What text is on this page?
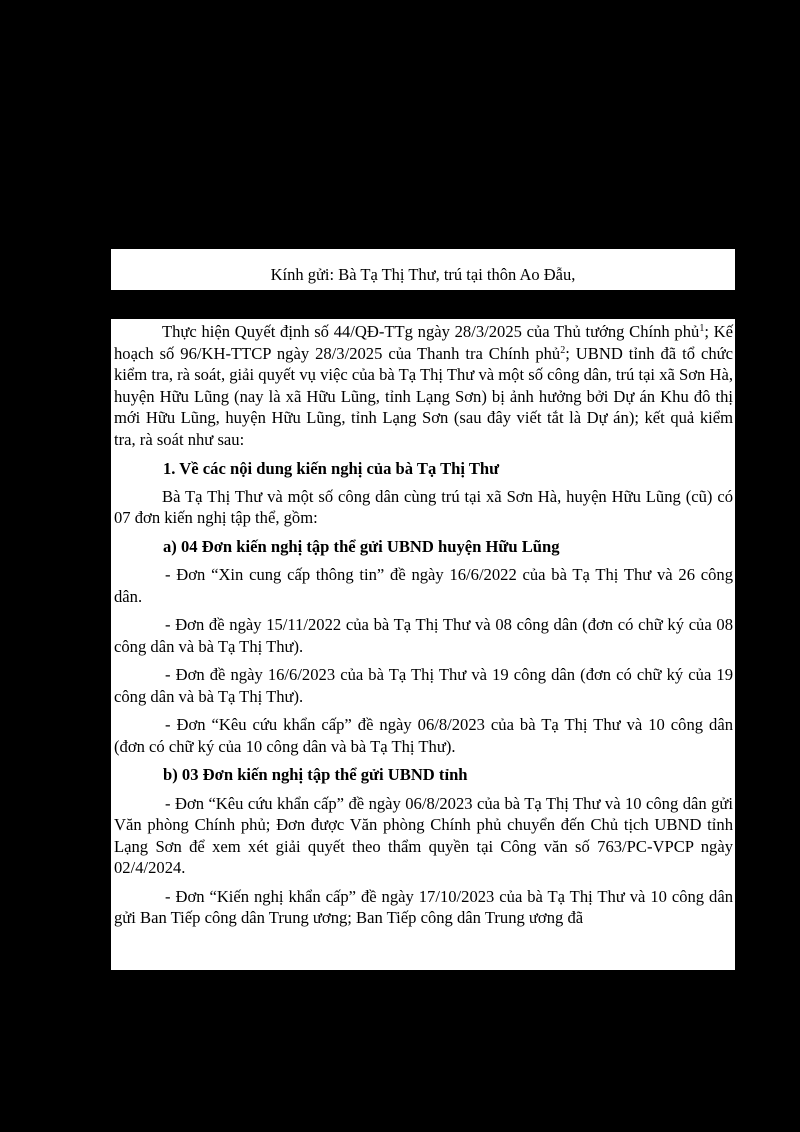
Kính gửi: Bà Tạ Thị Thư, trú tại thôn Ao Đẫu,

Thực hiện Quyết định số 44/QĐ-TTg ngày 28/3/2025 của Thủ tướng Chính phủ$^1$; Kế hoạch số 96/KH-TTCP ngày 28/3/2025 của Thanh tra Chính phủ$^2$; UBND tỉnh đã tổ chức kiểm tra, rà soát, giải quyết vụ việc của bà Tạ Thị Thư và một số công dân, trú tại xã Sơn Hà, huyện Hữu Lũng (nay là xã Hữu Lũng, tỉnh Lạng Sơn) bị ảnh hưởng bởi Dự án Khu đô thị mới Hữu Lũng, huyện Hữu Lũng, tỉnh Lạng Sơn (sau đây viết tắt là Dự án); kết quả kiểm tra, rà soát như sau:

1. Về các nội dung kiến nghị của bà Tạ Thị Thư

Bà Tạ Thị Thư và một số công dân cùng trú tại xã Sơn Hà, huyện Hữu Lũng (cũ) có 07 đơn kiến nghị tập thể, gồm:

a) 04 Đơn kiến nghị tập thể gửi UBND huyện Hữu Lũng

- Đơn “Xin cung cấp thông tin” đề ngày 16/6/2022 của bà Tạ Thị Thư và 26 công dân.

- Đơn đề ngày 15/11/2022 của bà Tạ Thị Thư và 08 công dân (đơn có chữ ký của 08 công dân và bà Tạ Thị Thư).

- Đơn đề ngày 16/6/2023 của bà Tạ Thị Thư và 19 công dân (đơn có chữ ký của 19 công dân và bà Tạ Thị Thư).

- Đơn “Kêu cứu khẩn cấp” đề ngày 06/8/2023 của bà Tạ Thị Thư và 10 công dân (đơn có chữ ký của 10 công dân và bà Tạ Thị Thư).

b) 03 Đơn kiến nghị tập thể gửi UBND tỉnh

- Đơn “Kêu cứu khẩn cấp” đề ngày 06/8/2023 của bà Tạ Thị Thư và 10 công dân gửi Văn phòng Chính phủ; Đơn được Văn phòng Chính phủ chuyển đến Chủ tịch UBND tỉnh Lạng Sơn để xem xét giải quyết theo thẩm quyền tại Công văn số 763/PC-VPCP ngày 02/4/2024.

- Đơn “Kiến nghị khẩn cấp” đề ngày 17/10/2023 của bà Tạ Thị Thư và 10 công dân gửi Ban Tiếp công dân Trung ương; Ban Tiếp công dân Trung ương đã
